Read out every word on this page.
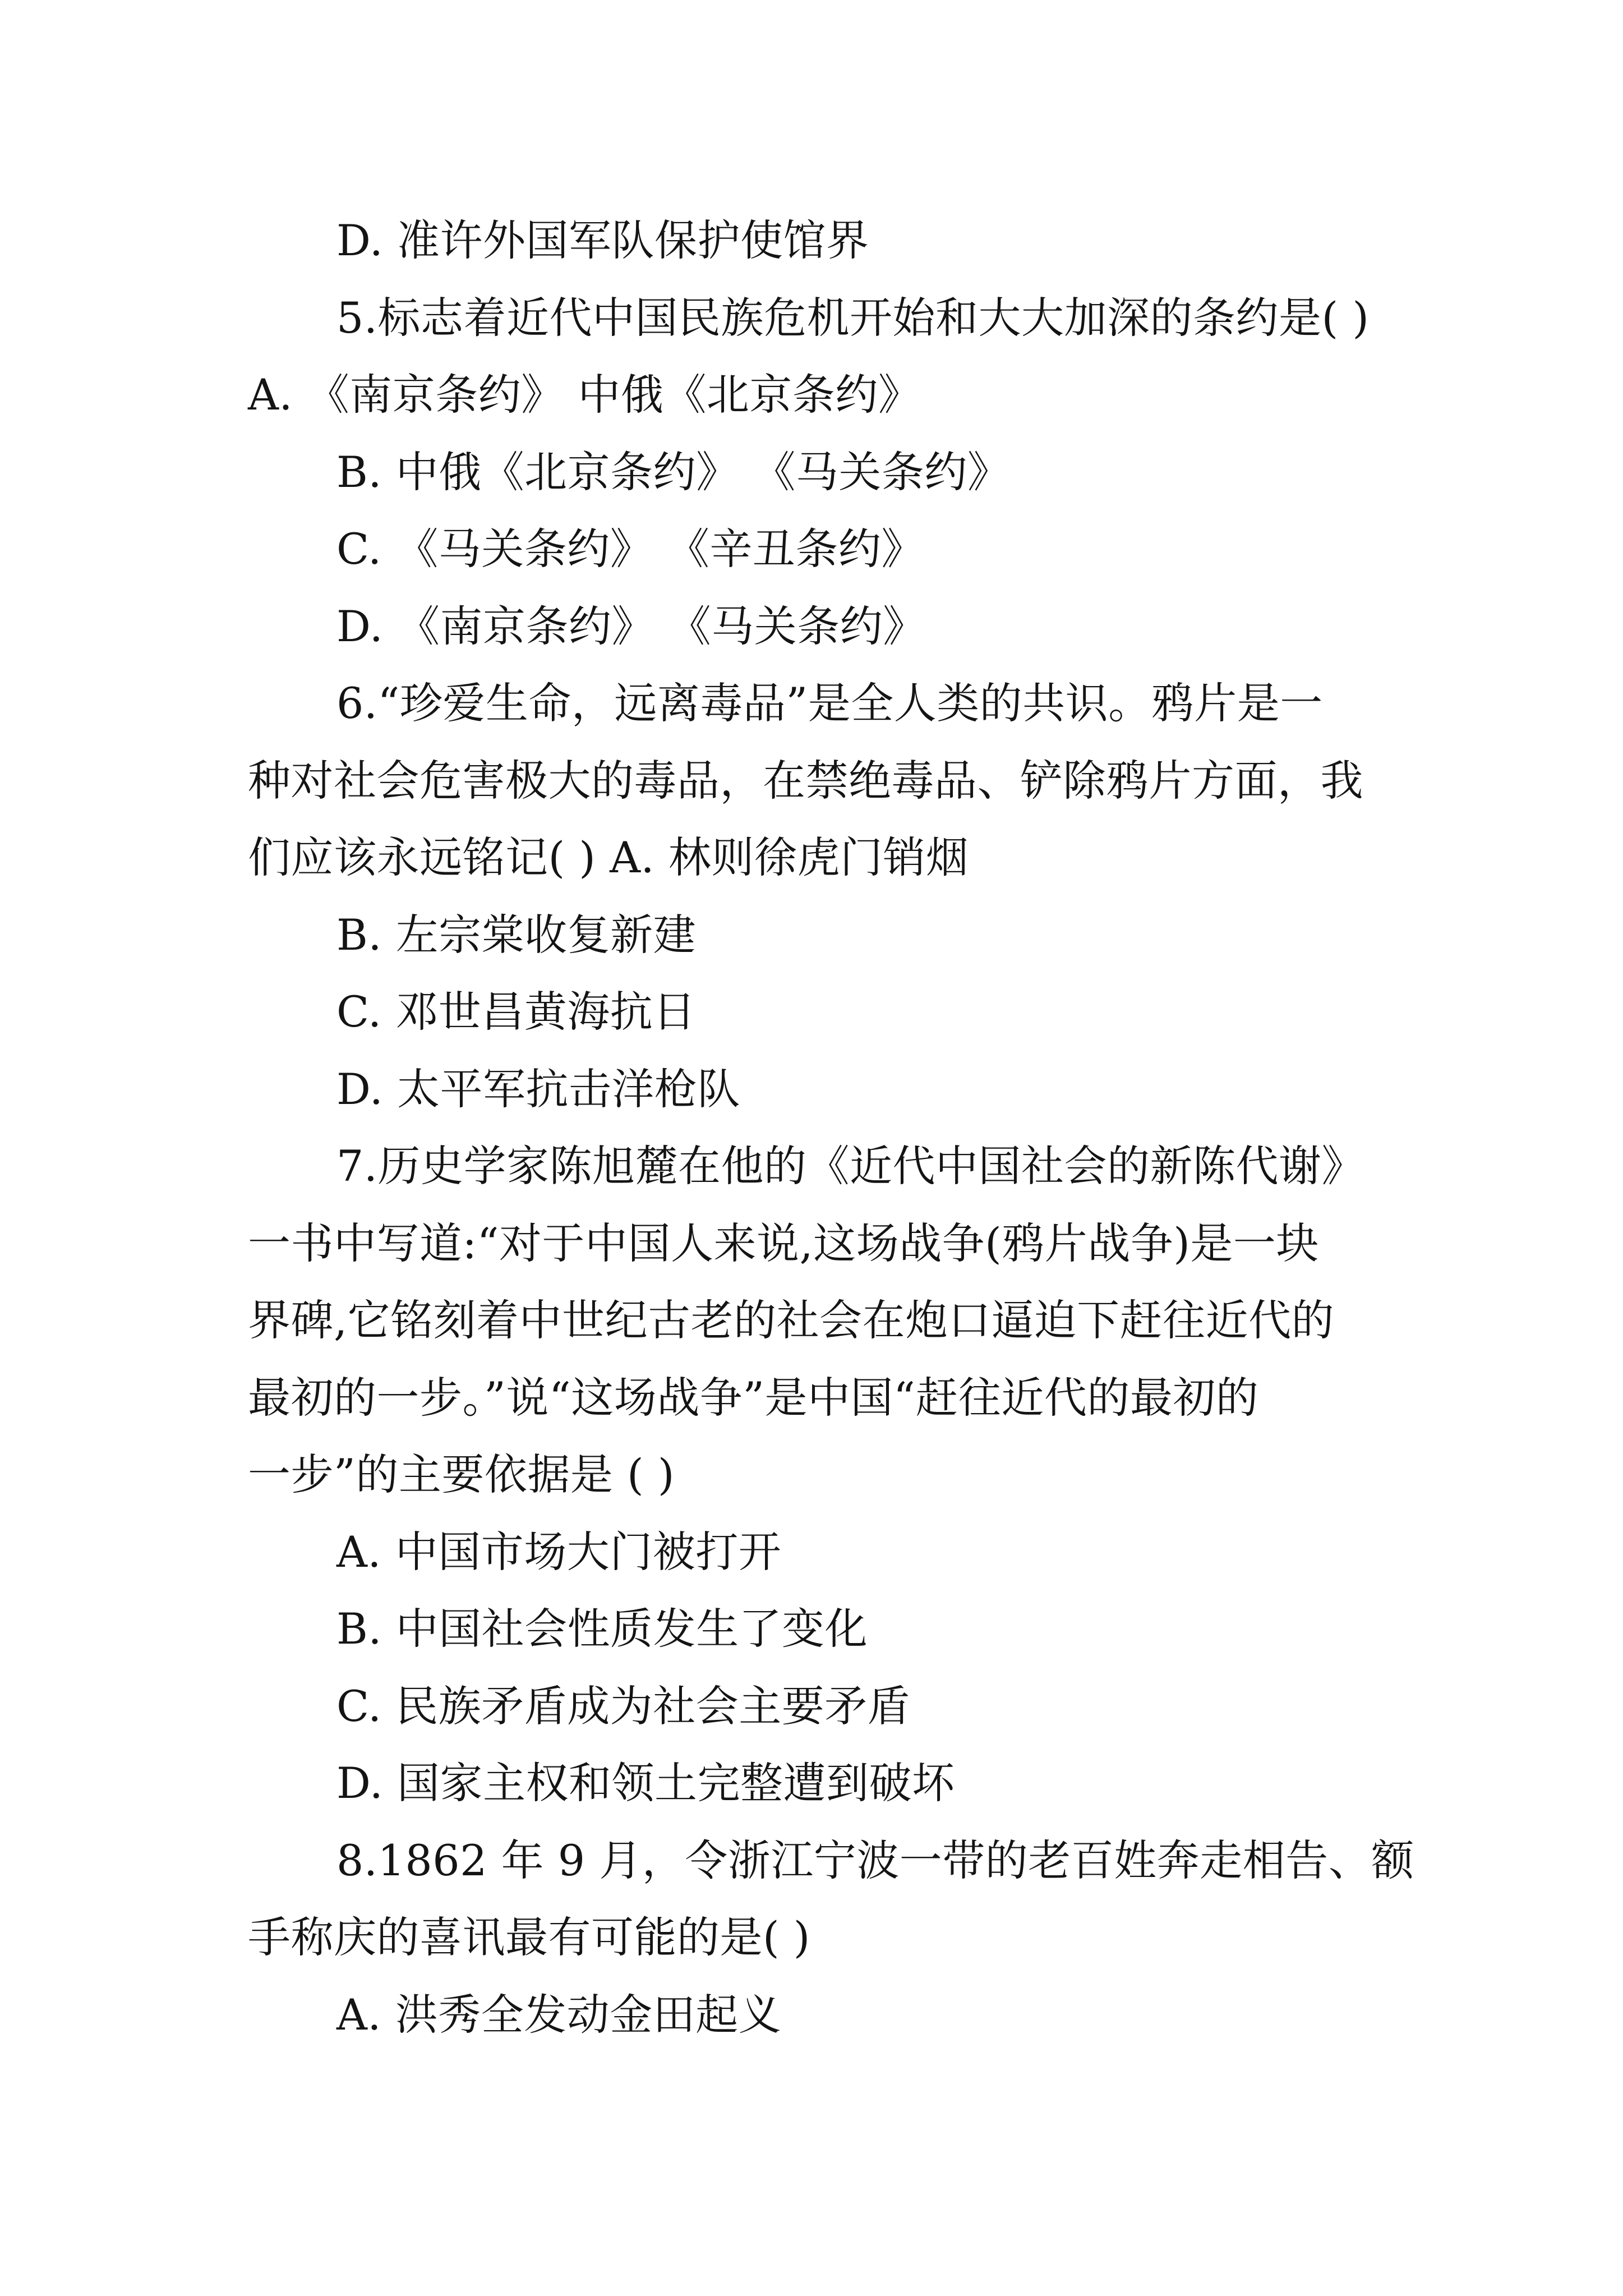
D. 准许外国军队保护使馆界
5.标志着近代中国民族危机开始和大大加深的条约是( )
A. 《南京条约》 中俄《北京条约》
B. 中俄《北京条约》 《马关条约》
C. 《马关条约》 《辛丑条约》
D. 《南京条约》 《马关条约》
6.“珍爱生命，远离毒品”是全人类的共识。鸦片是一
种对社会危害极大的毒品，在禁绝毒品、铲除鸦片方面，我
们应该永远铭记( ) A. 林则徐虎门销烟
B. 左宗棠收复新建
C. 邓世昌黄海抗日
D. 太平军抗击洋枪队
7.历史学家陈旭麓在他的《近代中国社会的新陈代谢》
一书中写道:“对于中国人来说,这场战争(鸦片战争)是一块
界碑,它铭刻着中世纪古老的社会在炮口逼迫下赶往近代的
最初的一步。”说“这场战争”是中国“赶往近代的最初的
一步”的主要依据是 ( )
A. 中国市场大门被打开
B. 中国社会性质发生了变化
C. 民族矛盾成为社会主要矛盾
D. 国家主权和领土完整遭到破坏
8.1862 年 9 月，令浙江宁波一带的老百姓奔走相告、额
手称庆的喜讯最有可能的是( )
A. 洪秀全发动金田起义
